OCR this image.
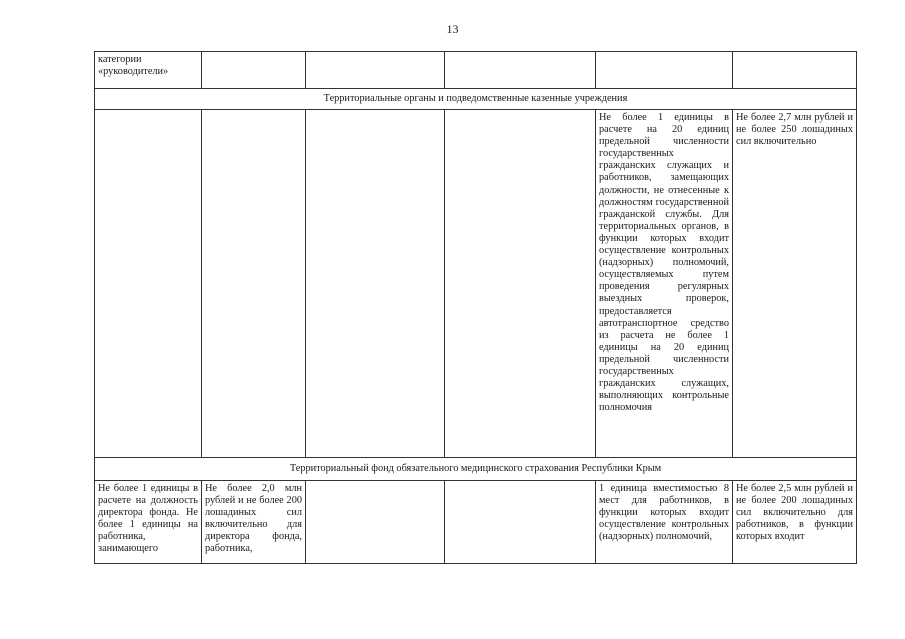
13
категории «руководители»					
Территориальные органы и подведомственные казенные учреждения					
				Не более 1 единицы в расчете на 20 единиц предельной численности государственных гражданских служащих и работников, замещающих должности, не отнесенные к должностям государственной гражданской службы. Для территориальных органов, в функции которых входит осуществление контрольных (надзорных) полномочий, осуществляемых путем проведения регулярных выездных проверок, предоставляется автотранспортное средство из расчета не более 1 единицы на 20 единиц предельной численности государственных гражданских служащих, выполняющих контрольные полномочия	Не более 2,7 млн рублей и не более 250 лошадиных сил включительно
Территориальный фонд обязательного медицинского страхования Республики Крым					
Не более 1 единицы в расчете на должность директора фонда. Не более 1 единицы на работника, занимающего	Не более 2,0 млн рублей и не более 200 лошадиных сил включительно для директора фонда, работника,			1 единица вместимостью 8 мест для работников, в функции которых входит осуществление контрольных (надзорных) полномочий,	Не более 2,5 млн рублей и не более 200 лошадиных сил включительно для работников, в функции которых входит
